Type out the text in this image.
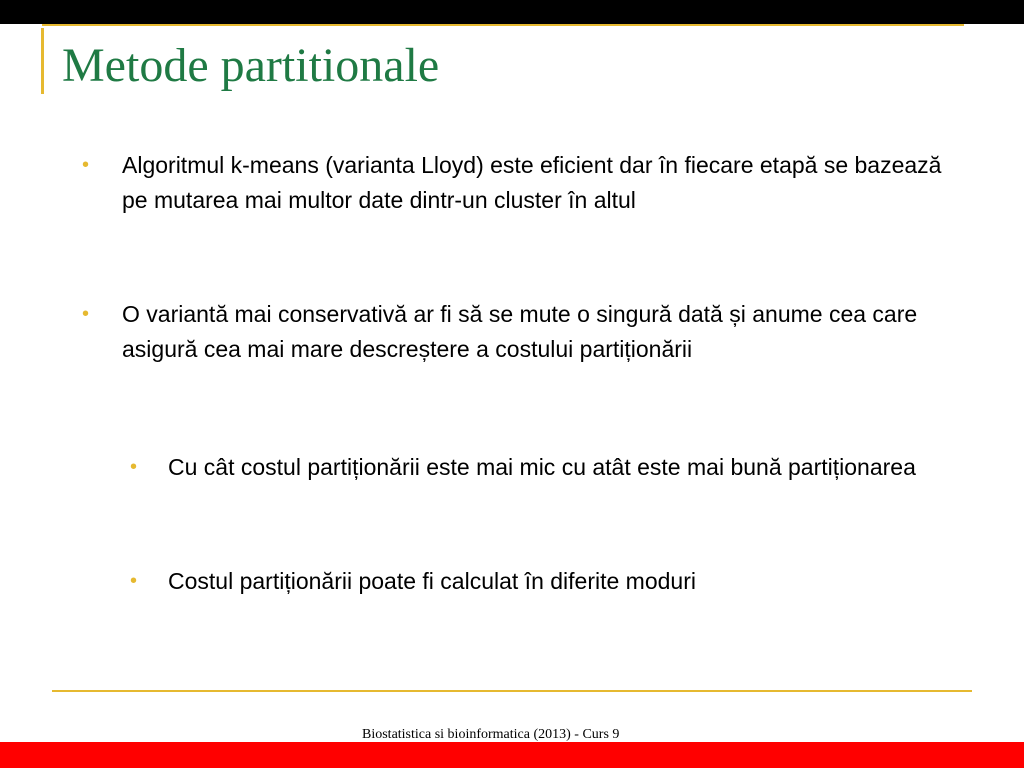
Metode partitionale
• Algoritmul k-means (varianta Lloyd) este eficient dar în fiecare etapă se bazează pe mutarea mai multor date dintr-un cluster în altul
• O variantă mai conservativă ar fi să se mute o singură dată și anume cea care asigură cea mai mare descreștere a costului partiționării
• Cu cât costul partiționării este mai mic cu atât este mai bună partiționarea
• Costul partiționării poate fi calculat în diferite moduri
Biostatistica si bioinformatica (2013) - Curs 9
